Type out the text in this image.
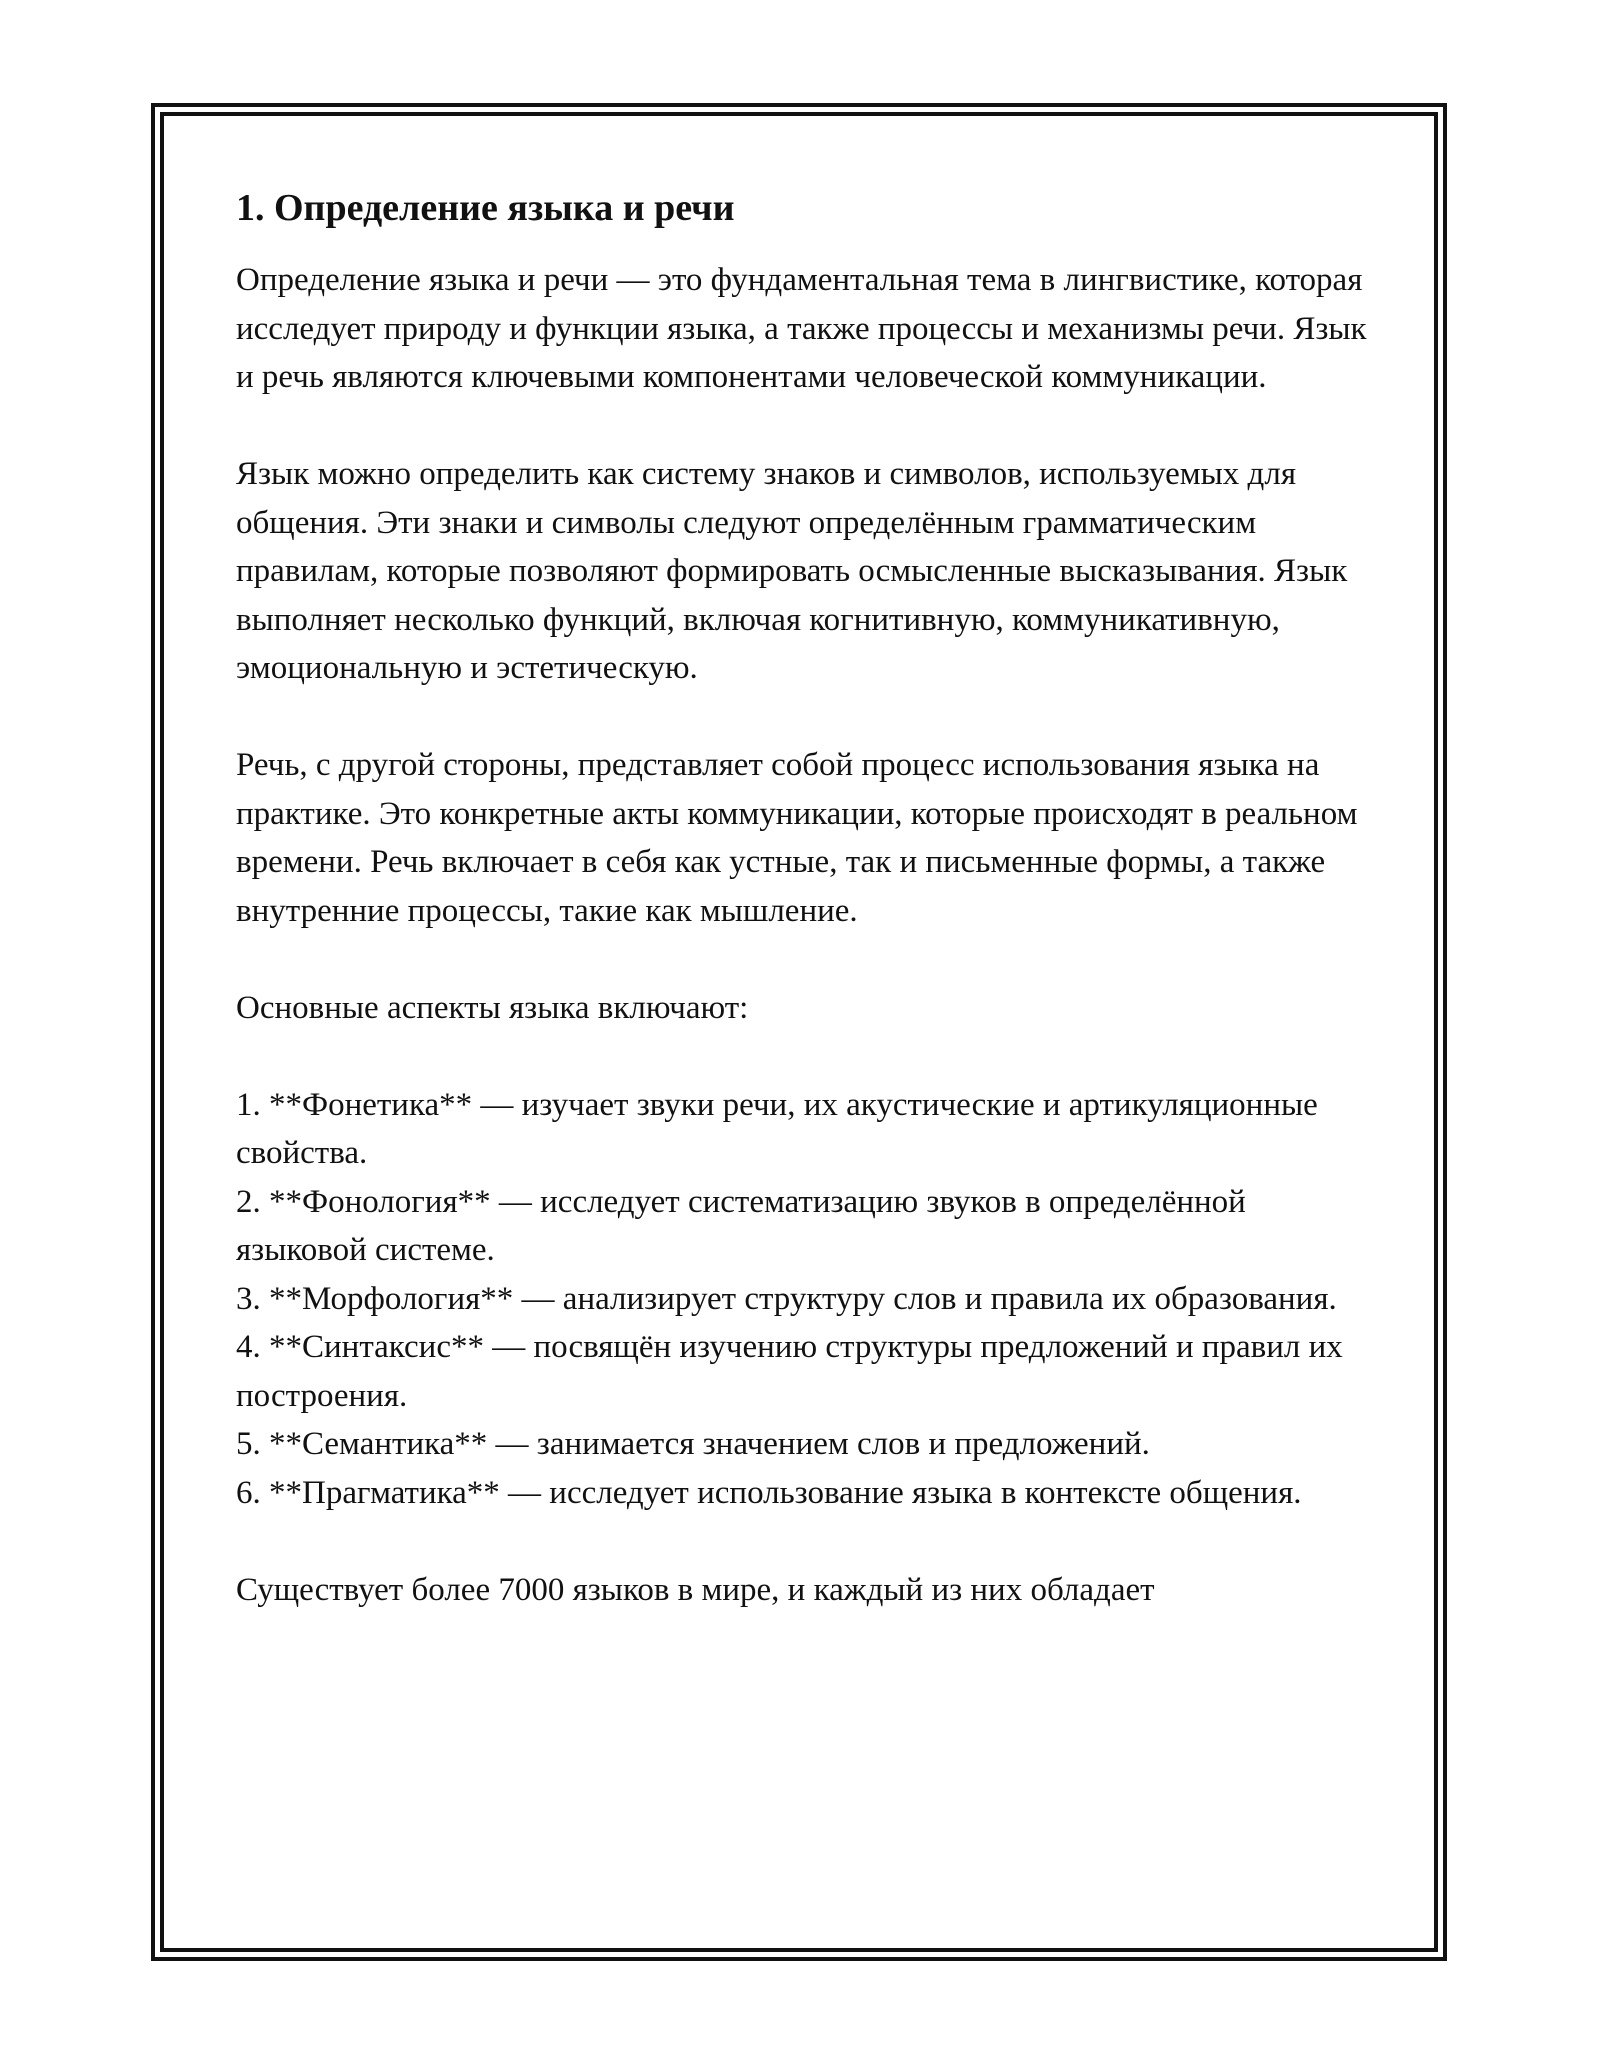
1. Определение языка и речи

Определение языка и речи — это фундаментальная тема в лингвистике, которая исследует природу и функции языка, а также процессы и механизмы речи. Язык и речь являются ключевыми компонентами человеческой коммуникации.

Язык можно определить как систему знаков и символов, используемых для общения. Эти знаки и символы следуют определённым грамматическим правилам, которые позволяют формировать осмысленные высказывания. Язык выполняет несколько функций, включая когнитивную, коммуникативную, эмоциональную и эстетическую.

Речь, с другой стороны, представляет собой процесс использования языка на практике. Это конкретные акты коммуникации, которые происходят в реальном времени. Речь включает в себя как устные, так и письменные формы, а также внутренние процессы, такие как мышление.

Основные аспекты языка включают:

1. **Фонетика** — изучает звуки речи, их акустические и артикуляционные свойства.
2. **Фонология** — исследует систематизацию звуков в определённой языковой системе.
3. **Морфология** — анализирует структуру слов и правила их образования.
4. **Синтаксис** — посвящён изучению структуры предложений и правил их построения.
5. **Семантика** — занимается значением слов и предложений.
6. **Прагматика** — исследует использование языка в контексте общения.

Существует более 7000 языков в мире, и каждый из них обладает
